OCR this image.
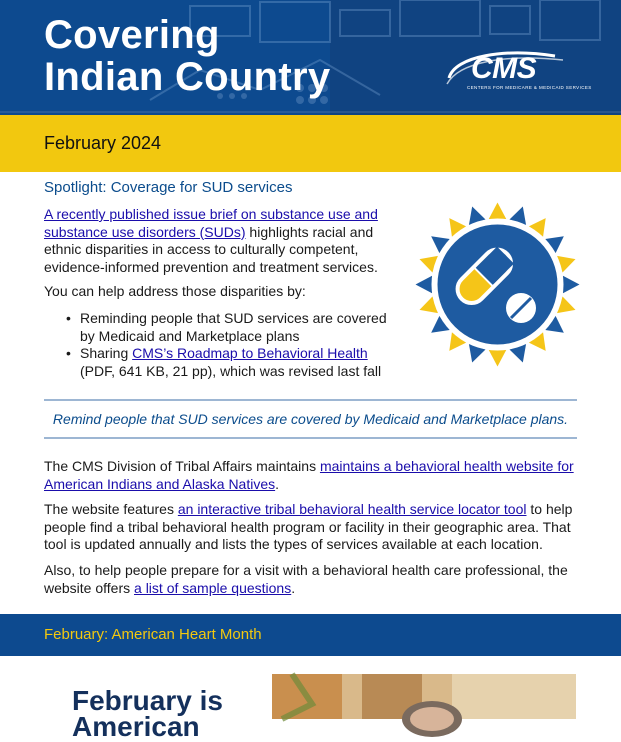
Covering
Indian Country	CMS
CENTERS FOR MEDICARE & MEDICAID SERVICES
February 2024
Spotlight: Coverage for SUD services

A recently published issue brief on substance use and substance use disorders (SUDs) highlights racial and ethnic disparities in access to culturally competent, evidence-informed prevention and treatment services.

You can help address those disparities by:

• Reminding people that SUD services are covered by Medicaid and Marketplace plans
• Sharing CMS’s Roadmap to Behavioral Health (PDF, 641 KB, 21 pp), which was revised last fall

Remind people that SUD services are covered by Medicaid and Marketplace plans.

The CMS Division of Tribal Affairs maintains maintains a behavioral health website for American Indians and Alaska Natives.

The website features an interactive tribal behavioral health service locator tool to help people find a tribal behavioral health program or facility in their geographic area. That tool is updated annually and lists the types of services available at each location.

Also, to help people prepare for a visit with a behavioral health care professional, the website offers a list of sample questions.

February: American Heart Month
February is
American
